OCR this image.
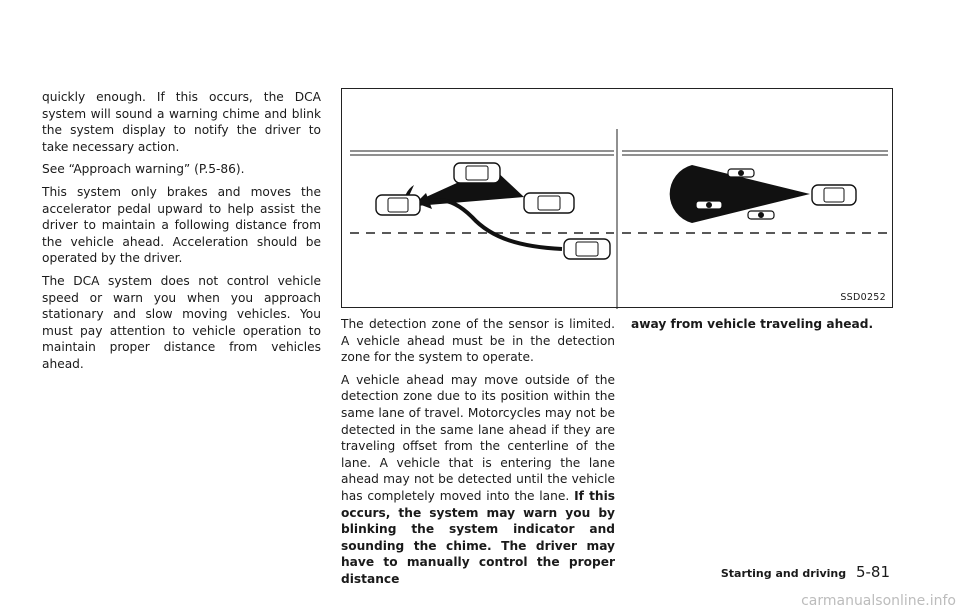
quickly enough. If this occurs, the DCA system will sound a warning chime and blink the system display to notify the driver to take necessary action.

See “Approach warning” (P.5-86).

This system only brakes and moves the accelerator pedal upward to help assist the driver to maintain a following distance from the vehicle ahead. Acceleration should be operated by the driver.

The DCA system does not control vehicle speed or warn you when you approach stationary and slow moving vehicles. You must pay attention to vehicle operation to maintain proper distance from vehicles ahead.

SSD0252

The detection zone of the sensor is limited. A vehicle ahead must be in the detection zone for the system to operate.

A vehicle ahead may move outside of the detection zone due to its position within the same lane of travel. Motorcycles may not be detected in the same lane ahead if they are traveling offset from the centerline of the lane. A vehicle that is entering the lane ahead may not be detected until the vehicle has completely moved into the lane. If this occurs, the system may warn you by blinking the system indicator and sounding the chime. The driver may have to manually control the proper distance

away from vehicle traveling ahead.

Starting and driving 5-81
carmanualsonline.info
